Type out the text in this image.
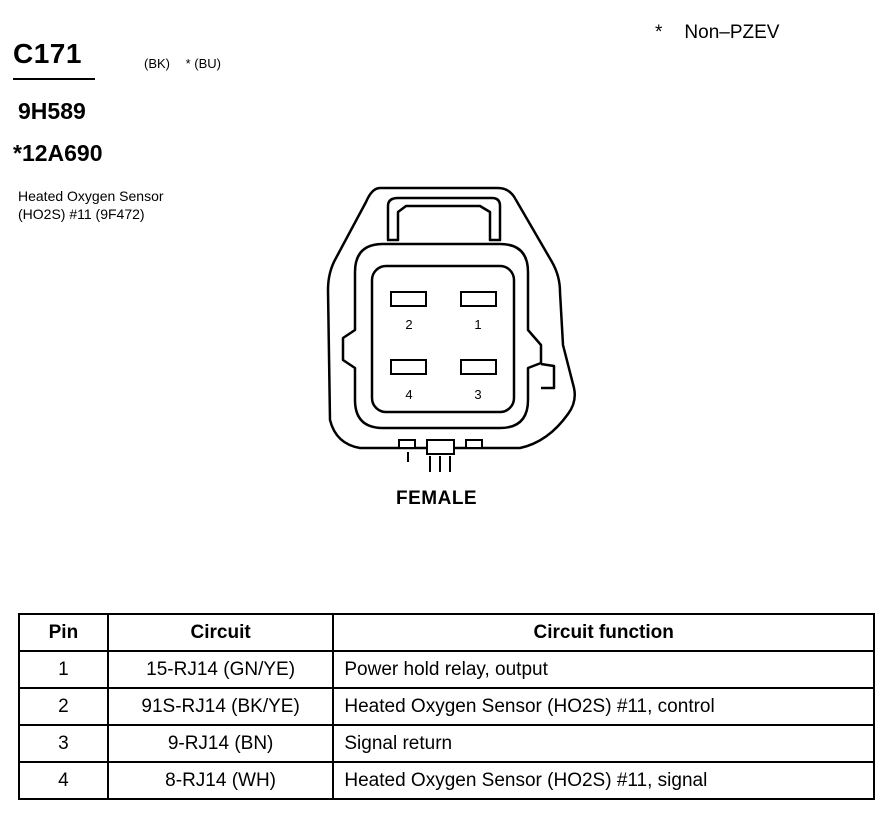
C171	(BK) * (BU)
9H589
*12A690
Heated Oxygen Sensor
(HO2S) #11 (9F472)
* Non–PZEV
2	1
4	3
FEMALE
Pin	Circuit	Circuit function
1	15-RJ14 (GN/YE)	Power hold relay, output
2	91S-RJ14 (BK/YE)	Heated Oxygen Sensor (HO2S) #11, control
3	9-RJ14 (BN)	Signal return
4	8-RJ14 (WH)	Heated Oxygen Sensor (HO2S) #11, signal
